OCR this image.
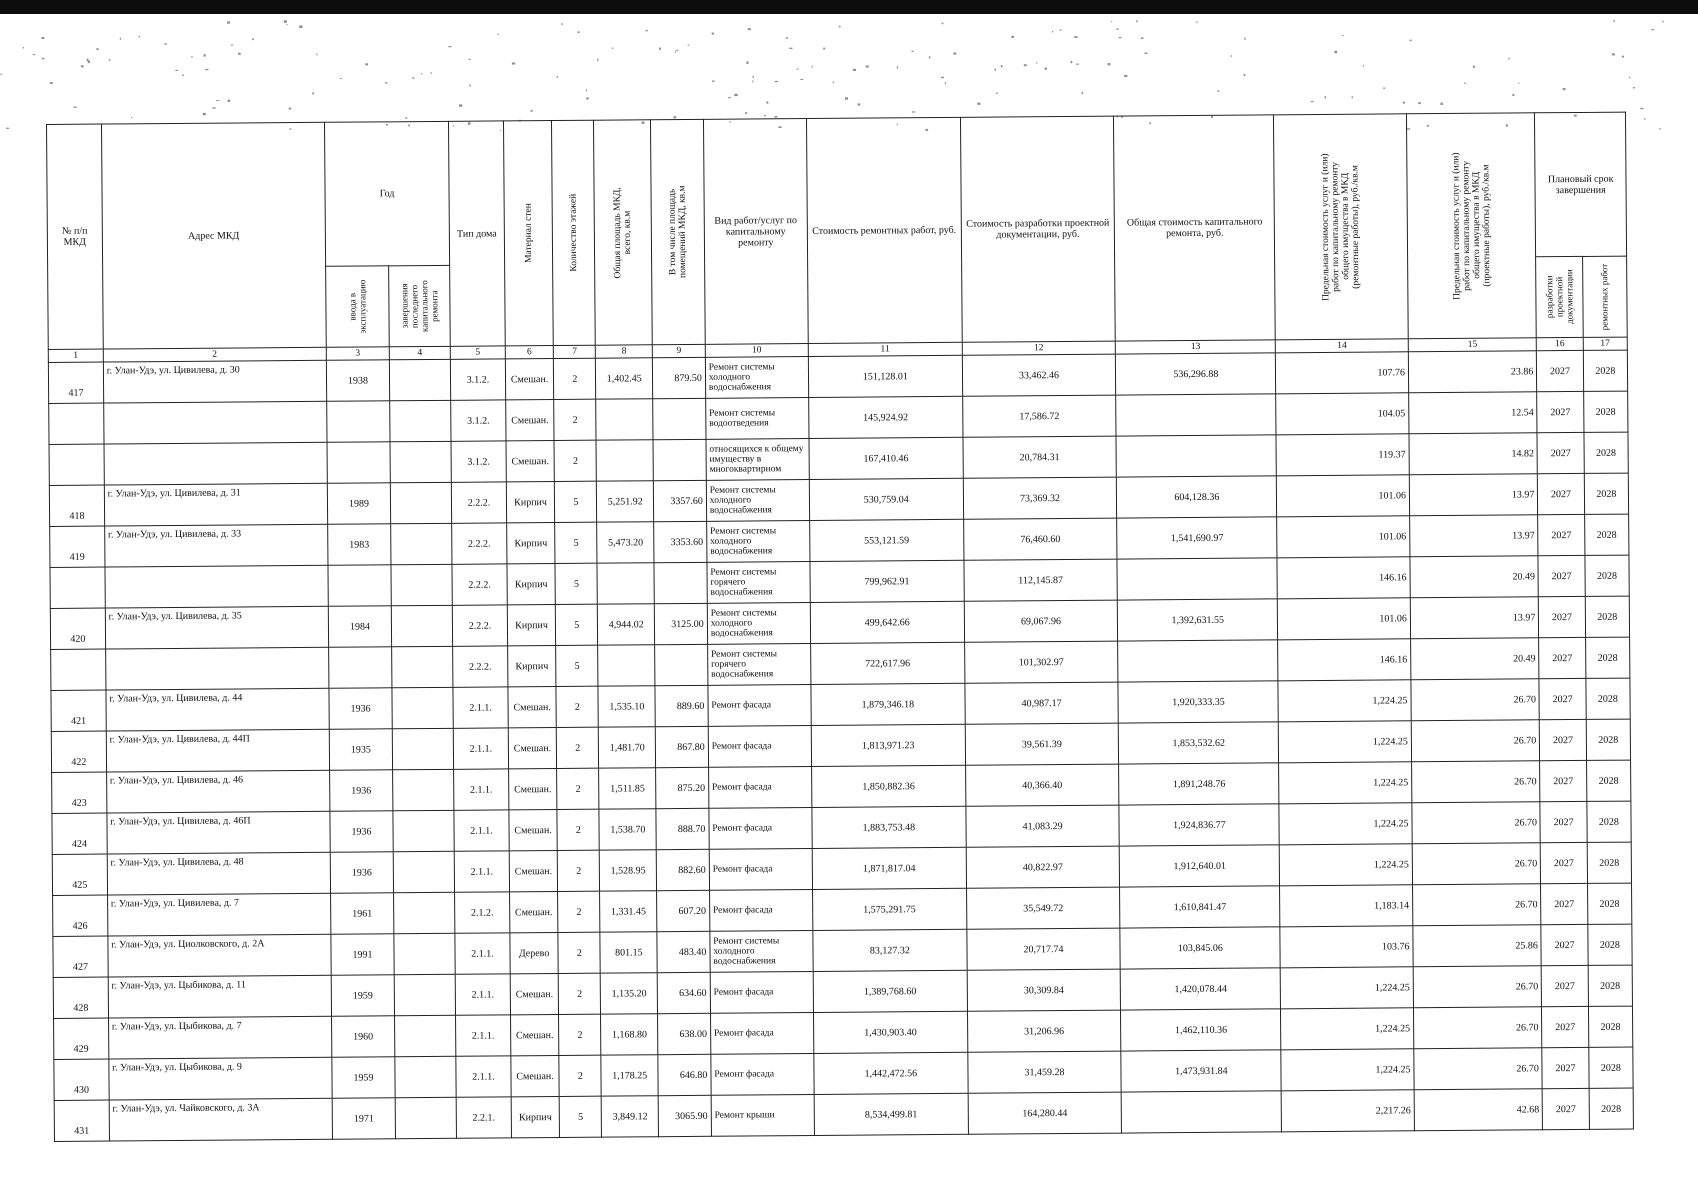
№ п/п МКД	Адрес МКД	Год		Тип дома	Материал стен	Количество этажей	Общая площадь МКД, всего, кв.м	В том числе площадь помещений МКД, кв.м	Вид работ/услуг по капитальному ремонту	Стоимость ремонтных работ, руб.	Стоимость разработки проектной документации, руб.	Общая стоимость капитального ремонта, руб.	Предельная стоимость услуг и (или) работ по капитальному ремонту общего имущества в МКД (ремонтные работы), руб./кв.м	Предельная стоимость услуг и (или) работ по капитальному ремонту общего имущества в МКД (проектные работы), руб./кв.м	Плановый срок завершения	

		ввода в эксплуатацию	завершения последнего капитального ремонта												разработки проектной документации	ремонтных работ

1	2	3	4	5	6	7	8	9	10	11	12	13	14	15	16	17
417	г. Улан-Удэ, ул. Цивилева, д. 30	1938		3.1.2.	Смешан.	2	1,402.45	879.50	Ремонт системы холодного водоснабжения	151,128.01	33,462.46	536,296.88	107.76	23.86	2027	2028
				3.1.2.	Смешан.	2			Ремонт системы водоотведения	145,924.92	17,586.72		104.05	12.54	2027	2028
				3.1.2.	Смешан.	2			относящихся к общему имуществу в многоквартирном	167,410.46	20,784.31		119.37	14.82	2027	2028
418	г. Улан-Удэ, ул. Цивилева, д. 31	1989		2.2.2.	Кирпич	5	5,251.92	3357.60	Ремонт системы холодного водоснабжения	530,759.04	73,369.32	604,128.36	101.06	13.97	2027	2028
419	г. Улан-Удэ, ул. Цивилева, д. 33	1983		2.2.2.	Кирпич	5	5,473.20	3353.60	Ремонт системы холодного водоснабжения	553,121.59	76,460.60	1,541,690.97	101.06	13.97	2027	2028
				2.2.2.	Кирпич	5			Ремонт системы горячего водоснабжения	799,962.91	112,145.87		146.16	20.49	2027	2028
420	г. Улан-Удэ, ул. Цивилева, д. 35	1984		2.2.2.	Кирпич	5	4,944.02	3125.00	Ремонт системы холодного водоснабжения	499,642.66	69,067.96	1,392,631.55	101.06	13.97	2027	2028
				2.2.2.	Кирпич	5			Ремонт системы горячего водоснабжения	722,617.96	101,302.97		146.16	20.49	2027	2028
421	г. Улан-Удэ, ул. Цивилева, д. 44	1936		2.1.1.	Смешан.	2	1,535.10	889.60	Ремонт фасада	1,879,346.18	40,987.17	1,920,333.35	1,224.25	26.70	2027	2028
422	г. Улан-Удэ, ул. Цивилева, д. 44П	1935		2.1.1.	Смешан.	2	1,481.70	867.80	Ремонт фасада	1,813,971.23	39,561.39	1,853,532.62	1,224.25	26.70	2027	2028
423	г. Улан-Удэ, ул. Цивилева, д. 46	1936		2.1.1.	Смешан.	2	1,511.85	875.20	Ремонт фасада	1,850,882.36	40,366.40	1,891,248.76	1,224.25	26.70	2027	2028
424	г. Улан-Удэ, ул. Цивилева, д. 46П	1936		2.1.1.	Смешан.	2	1,538.70	888.70	Ремонт фасада	1,883,753.48	41,083.29	1,924,836.77	1,224.25	26.70	2027	2028
425	г. Улан-Удэ, ул. Цивилева, д. 48	1936		2.1.1.	Смешан.	2	1,528.95	882.60	Ремонт фасада	1,871,817.04	40,822.97	1,912,640.01	1,224.25	26.70	2027	2028
426	г. Улан-Удэ, ул. Цивилева, д. 7	1961		2.1.2.	Смешан.	2	1,331.45	607.20	Ремонт фасада	1,575,291.75	35,549.72	1,610,841.47	1,183.14	26.70	2027	2028
427	г. Улан-Удэ, ул. Циолковского, д. 2А	1991		2.1.1.	Дерево	2	801.15	483.40	Ремонт системы холодного водоснабжения	83,127.32	20,717.74	103,845.06	103.76	25.86	2027	2028
428	г. Улан-Удэ, ул. Цыбикова, д. 11	1959		2.1.1.	Смешан.	2	1,135.20	634.60	Ремонт фасада	1,389,768.60	30,309.84	1,420,078.44	1,224.25	26.70	2027	2028
429	г. Улан-Удэ, ул. Цыбикова, д. 7	1960		2.1.1.	Смешан.	2	1,168.80	638.00	Ремонт фасада	1,430,903.40	31,206.96	1,462,110.36	1,224.25	26.70	2027	2028
430	г. Улан-Удэ, ул. Цыбикова, д. 9	1959		2.1.1.	Смешан.	2	1,178.25	646.80	Ремонт фасада	1,442,472.56	31,459.28	1,473,931.84	1,224.25	26.70	2027	2028
431	г. Улан-Удэ, ул. Чайковского, д. 3А	1971		2.2.1.	Кирпич	5	3,849.12	3065.90	Ремонт крыши	8,534,499.81	164,280.44		2,217.26	42.68	2027	2028
